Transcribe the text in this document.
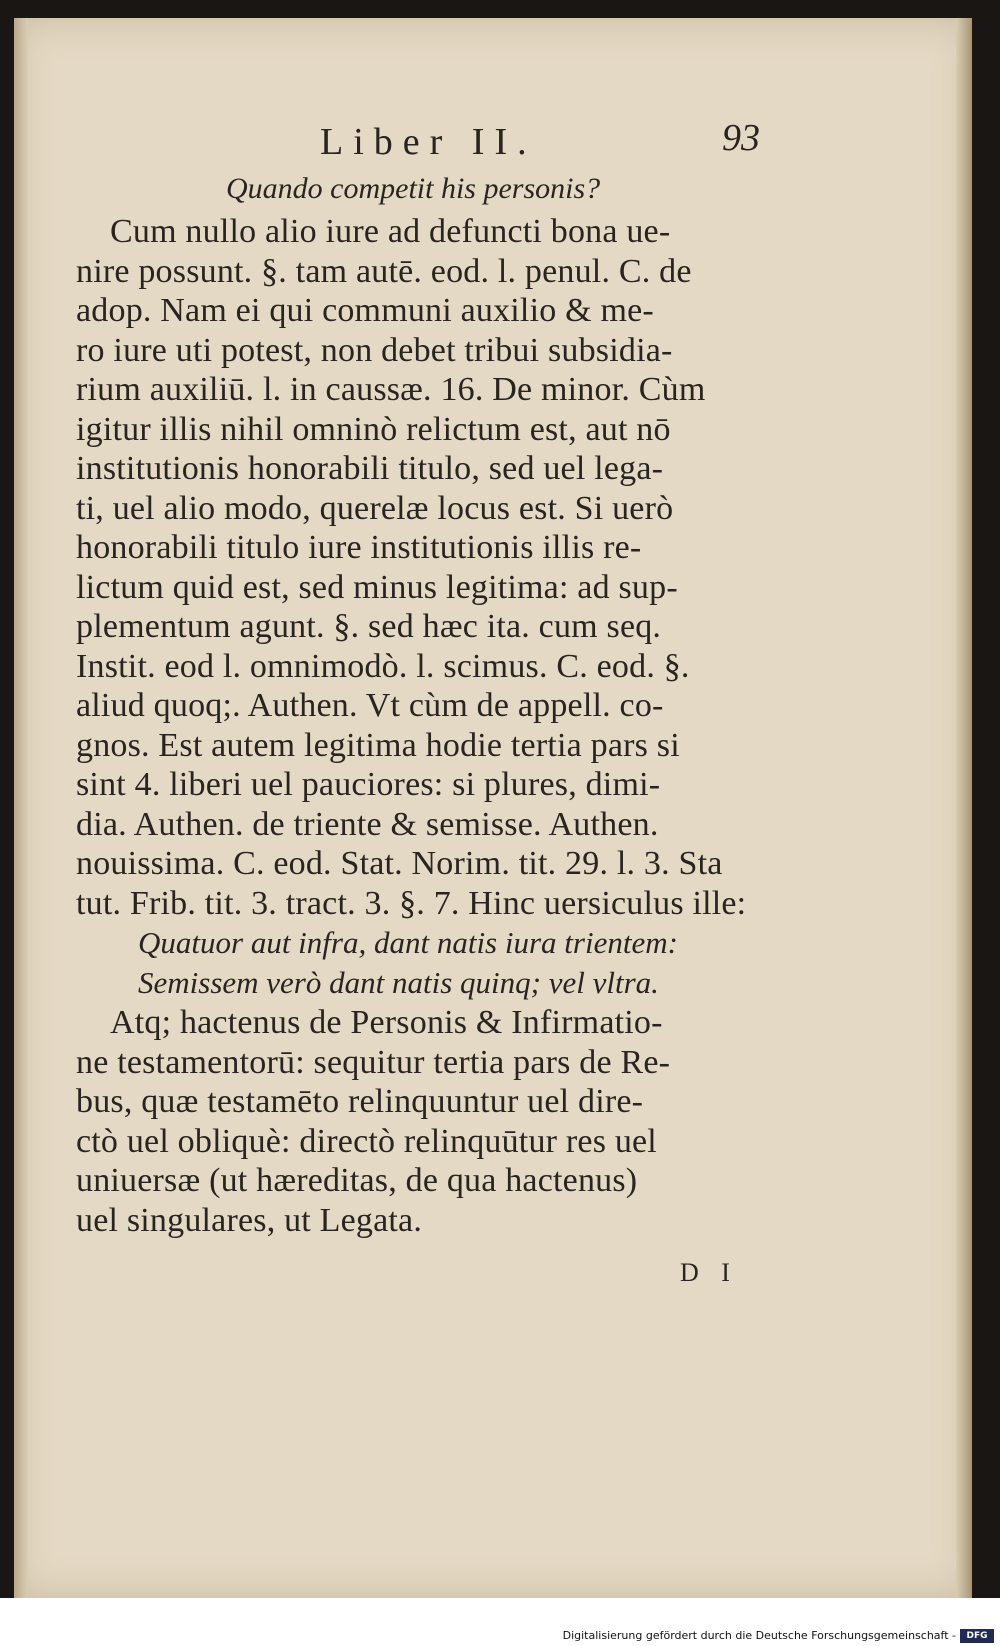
Liber II.	93
Quando competit his personis?
Cum nullo alio iure ad defuncti bona ue-
nire possunt. §. tam autē. eod. l. penul. C. de
adop. Nam ei qui communi auxilio & me-
ro iure uti potest, non debet tribui subsidia-
rium auxiliū. l. in caussæ. 16. De minor. Cùm
igitur illis nihil omninò relictum est, aut nō
institutionis honorabili titulo, sed uel lega-
ti, uel alio modo, querelæ locus est. Si uerò
honorabili titulo iure institutionis illis re-
lictum quid est, sed minus legitima: ad sup-
plementum agunt. §. sed hæc ita. cum seq.
Instit. eod l. omnimodò. l. scimus. C. eod. §.
aliud quoq;. Authen. Vt cùm de appell. co-
gnos. Est autem legitima hodie tertia pars si
sint 4. liberi uel pauciores: si plures, dimi-
dia. Authen. de triente & semisse. Authen.
nouissima. C. eod. Stat. Norim. tit. 29. l. 3. Sta
tut. Frib. tit. 3. tract. 3. §. 7. Hinc uersiculus ille:
Quatuor aut infra, dant natis iura trientem:
Semissem verò dant natis quinq; vel vltra.
Atq; hactenus de Personis & Infirmatio-
ne testamentorū: sequitur tertia pars de Re-
bus, quæ testamēto relinquuntur uel dire-
ctò uel obliquè: directò relinquūtur res uel
uniuersæ (ut hæreditas, de qua hactenus)
uel singulares, ut Legata.
D I
Digitalisierung gefördert durch die Deutsche Forschungsgemeinschaft -	DFG
